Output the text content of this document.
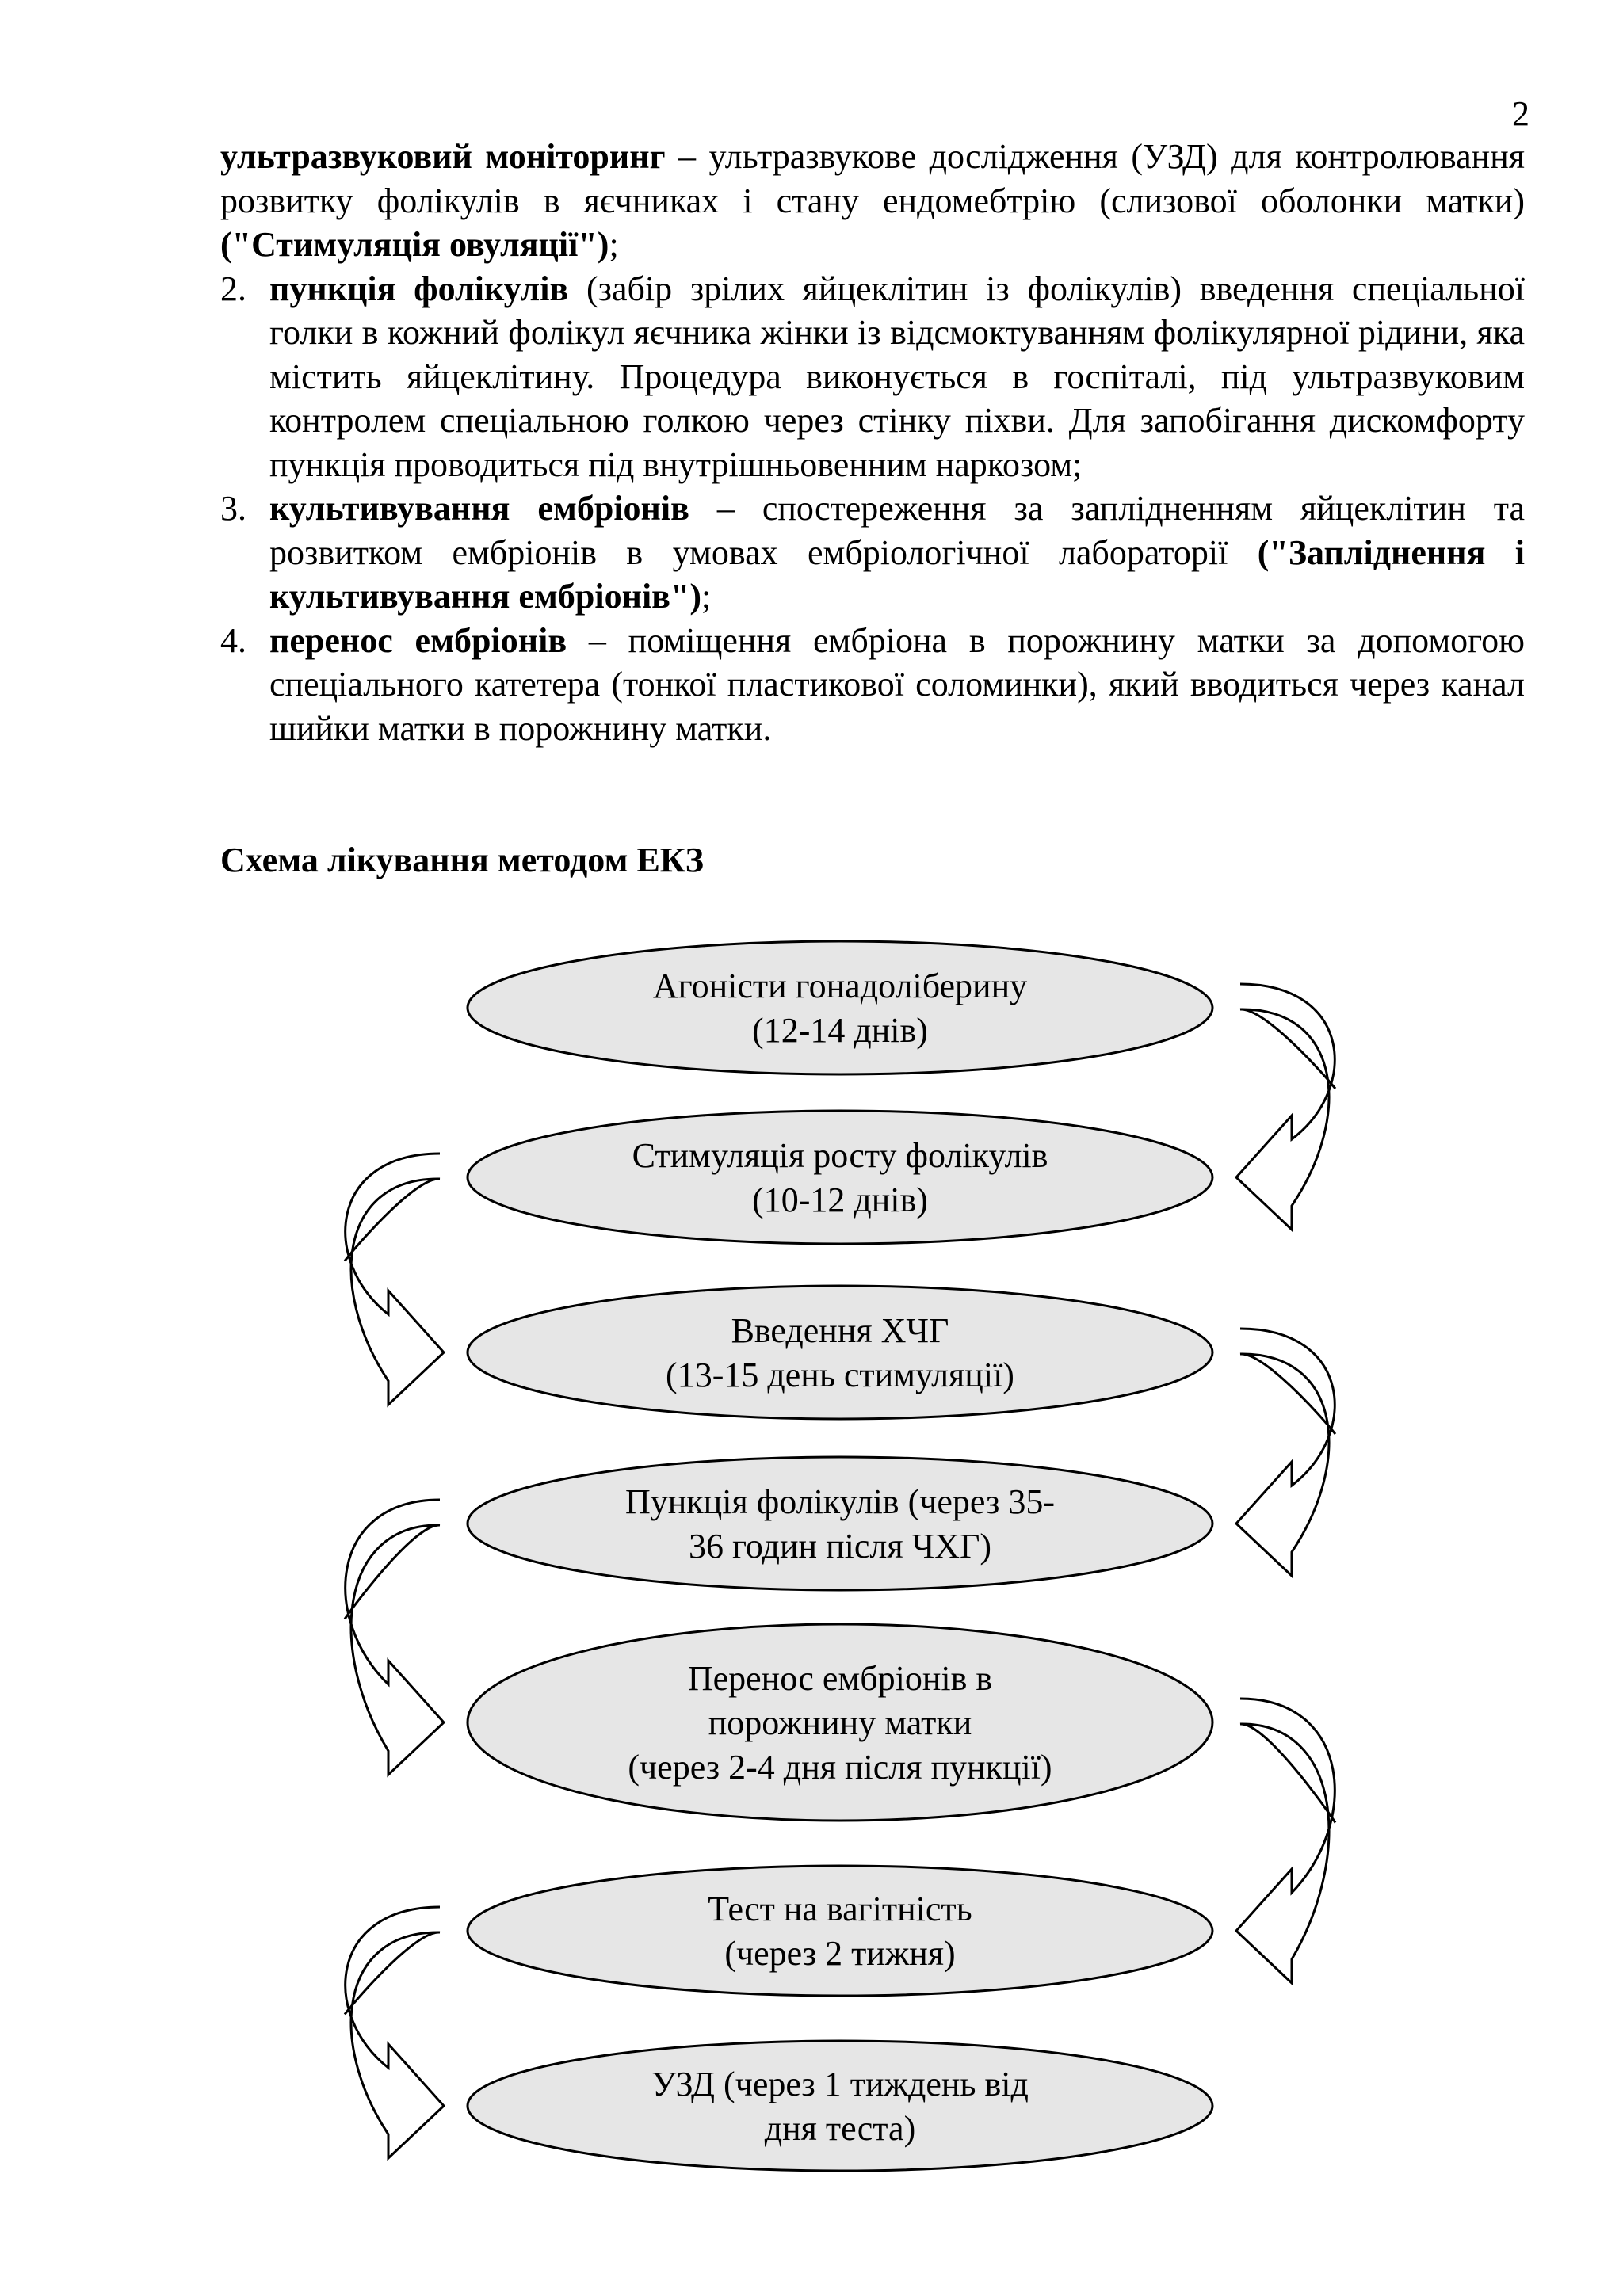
2

ультразвуковий моніторинг – ультразвукове дослідження (УЗД) для контролювання розвитку фолікулів в яєчниках і стану ендомебтрію (слизової оболонки матки) ("Стимуляція овуляції");

2. пункція фолікулів (забір зрілих яйцеклітин із фолікулів) введення спеціальної голки в кожний фолікул яєчника жінки із відсмоктуванням фолікулярної рідини, яка містить яйцеклітину. Процедура виконується в госпіталі, під ультразвуковим контролем спеціальною голкою через стінку піхви. Для запобігання дискомфорту пункція проводиться під внутрішньовенним наркозом;

3. культивування ембріонів – спостереження за заплідненням яйцеклітин та розвитком ембріонів в умовах ембріологічної лабораторії ("Запліднення і культивування ембріонів");

4. перенос ембріонів – поміщення ембріона в порожнину матки за допомогою спеціального катетера (тонкої пластикової соломинки), який вводиться через канал шийки матки в порожнину матки.

Схема лікування методом ЕКЗ
Агоністи гонадоліберину
(12-14 днів)
Стимуляція росту фолікулів
(10-12 днів)
Введення ХЧГ
(13-15 день стимуляції)
Пункція фолікулів (через 35-
36 годин після ЧХГ)
Перенос ембріонів в
порожнину матки
(через 2-4 дня після пункції)
Тест на вагітність
(через 2 тижня)
УЗД (через 1 тиждень від
дня теста)
